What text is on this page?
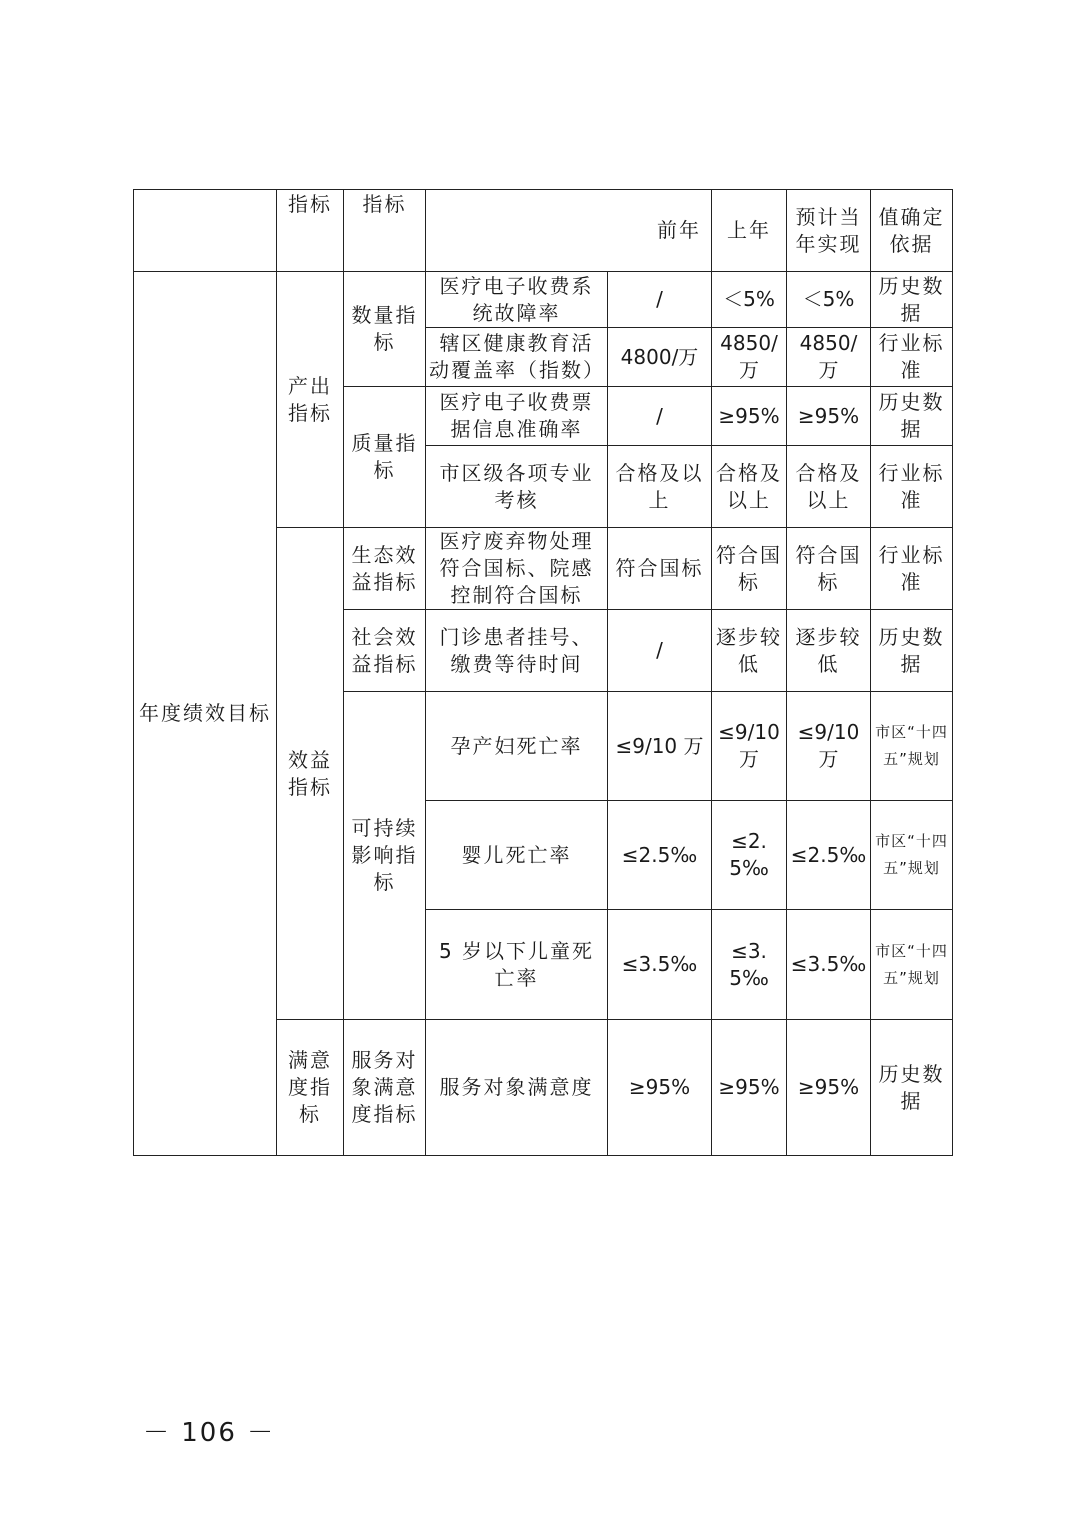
	指标	指标		前年	上年	预计当年实现	值确定依据
年度绩效目标	产出指标	数量指标	医疗电子收费系统故障率	/	＜5%	＜5%	历史数据
			辖区健康教育活动覆盖率（指数）	4800/万	4850/万	4850/万	行业标准
		质量指标	医疗电子收费票据信息准确率	/	≥95%	≥95%	历史数据
			市区级各项专业考核	合格及以上	合格及以上	合格及以上	行业标准
	效益指标	生态效益指标	医疗废弃物处理符合国标、院感控制符合国标	符合国标	符合国标	符合国标	行业标准
		社会效益指标	门诊患者挂号、缴费等待时间	/	逐步较低	逐步较低	历史数据
		可持续影响指标	孕产妇死亡率	≤9/10 万	≤9/10 万	≤9/10万	市区“十四五”规划
			婴儿死亡率	≤2.5‰	≤2.5‰	≤2.5‰	市区“十四五”规划
			5 岁以下儿童死亡率	≤3.5‰	≤3.5‰	≤3.5‰	市区“十四五”规划
	满意度指标	服务对象满意度指标	服务对象满意度	≥95%	≥95%	≥95%	历史数据
－ 106 －
